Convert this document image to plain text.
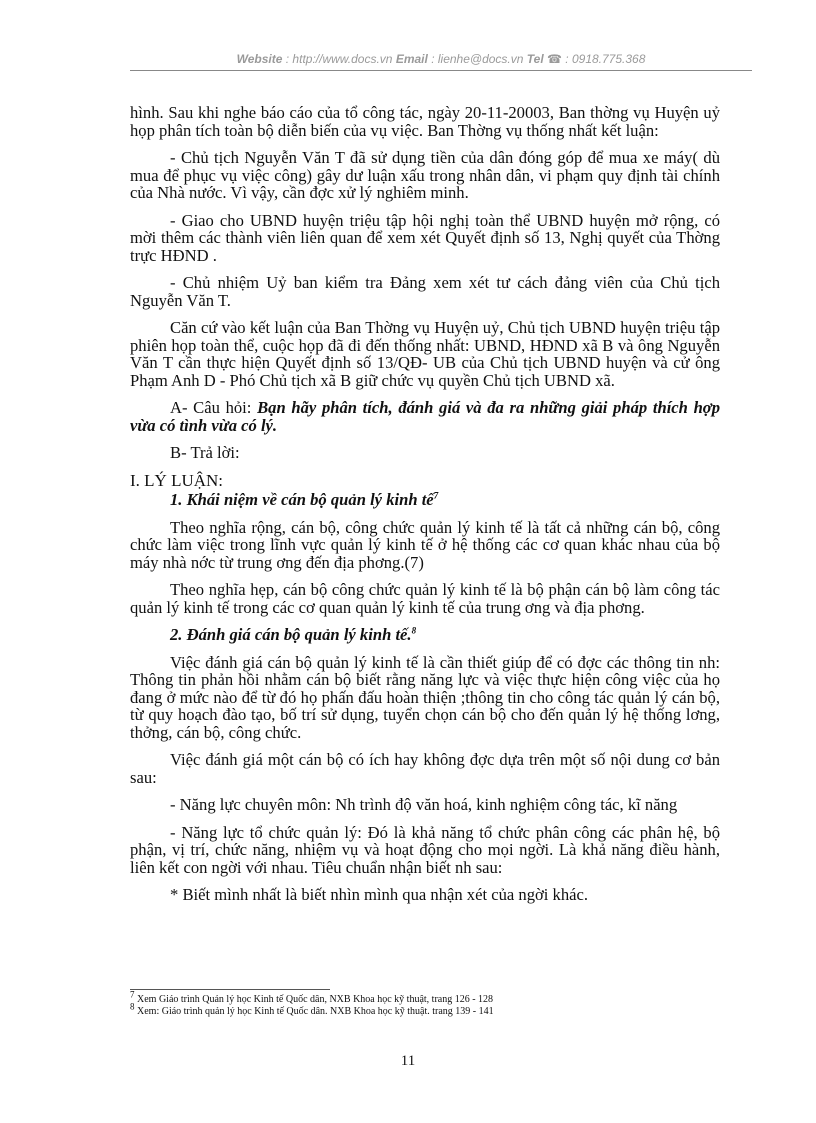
Website : http://www.docs.vn Email : lienhe@docs.vn Tel ☎ : 0918.775.368

hình. Sau khi nghe báo cáo của tổ công tác, ngày 20-11-20003, Ban thờng vụ Huyện uỷ họp phân tích toàn bộ diễn biến của vụ việc. Ban Thờng vụ thống nhất kết luận:

- Chủ tịch Nguyễn Văn T đã sử dụng tiền của dân đóng góp để mua xe máy( dù mua để phục vụ việc công) gây dư luận xấu trong nhân dân, vi phạm quy định tài chính của Nhà nước. Vì vậy, cần đợc xử lý nghiêm minh.

- Giao cho UBND huyện triệu tập hội nghị toàn thể UBND huyện mở rộng, có mời thêm các thành viên liên quan để xem xét Quyết định số 13, Nghị quyết của Thờng trực HĐND .

- Chủ nhiệm Uỷ ban kiểm tra Đảng xem xét tư cách đảng viên của Chủ tịch Nguyễn Văn T.

Căn cứ vào kết luận của Ban Thờng vụ Huyện uỷ, Chủ tịch UBND huyện triệu tập phiên họp toàn thể, cuộc họp đã đi đến thống nhất: UBND, HĐND xã B và ông Nguyễn Văn T cần thực hiện Quyết định số 13/QĐ- UB của Chủ tịch UBND huyện và cử ông Phạm Anh D - Phó Chủ tịch xã B giữ chức vụ quyền Chủ tịch UBND xã.

A- Câu hỏi: Bạn hãy phân tích, đánh giá và đa ra những giải pháp thích hợp vừa có tình vừa có lý.

B- Trả lời:

I. LÝ LUẬN:

1. Khái niệm về cán bộ quản lý kinh tế$^7$

Theo nghĩa rộng, cán bộ, công chức quản lý kinh tế là tất cả những cán bộ, công chức làm việc trong lĩnh vực quản lý kinh tế ở hệ thống các cơ quan khác nhau của bộ máy nhà nớc từ trung ơng đến địa phơng.(7)

Theo nghĩa hẹp, cán bộ công chức quản lý kinh tế là bộ phận cán bộ làm công tác quản lý kinh tế trong các cơ quan quản lý kinh tế của trung ơng và địa phơng.

2. Đánh giá cán bộ quản lý kinh tế.$^8$

Việc đánh giá cán bộ quản lý kinh tế là cần thiết giúp để có đợc các thông tin nh: Thông tin phản hồi nhằm cán bộ biết rằng năng lực và việc thực hiện công việc của họ đang ở mức nào để từ đó họ phấn đấu hoàn thiện ;thông tin cho công tác quản lý cán bộ, từ quy hoạch đào tạo, bố trí sử dụng, tuyển chọn cán bộ cho đến quản lý hệ thống lơng, thởng, cán bộ, công chức.

Việc đánh giá một cán bộ có ích hay không đợc dựa trên một số nội dung cơ bản sau:

- Năng lực chuyên môn: Nh trình độ văn hoá, kinh nghiệm công tác, kĩ năng

- Năng lực tổ chức quản lý: Đó là khả năng tổ chức phân công các phân hệ, bộ phận, vị trí, chức năng, nhiệm vụ và hoạt động cho mọi ngời. Là khả năng điều hành, liên kết con ngời với nhau. Tiêu chuẩn nhận biết nh sau:

* Biết mình nhất là biết nhìn mình qua nhận xét của ngời khác.

$^7$ Xem Giáo trình Quản lý học Kinh tế Quốc dân, NXB Khoa học kỹ thuật, trang 126 - 128
$^8$ Xem: Giáo trình quản lý học Kinh tế Quốc dân. NXB Khoa học kỹ thuật. trang 139 - 141
11
